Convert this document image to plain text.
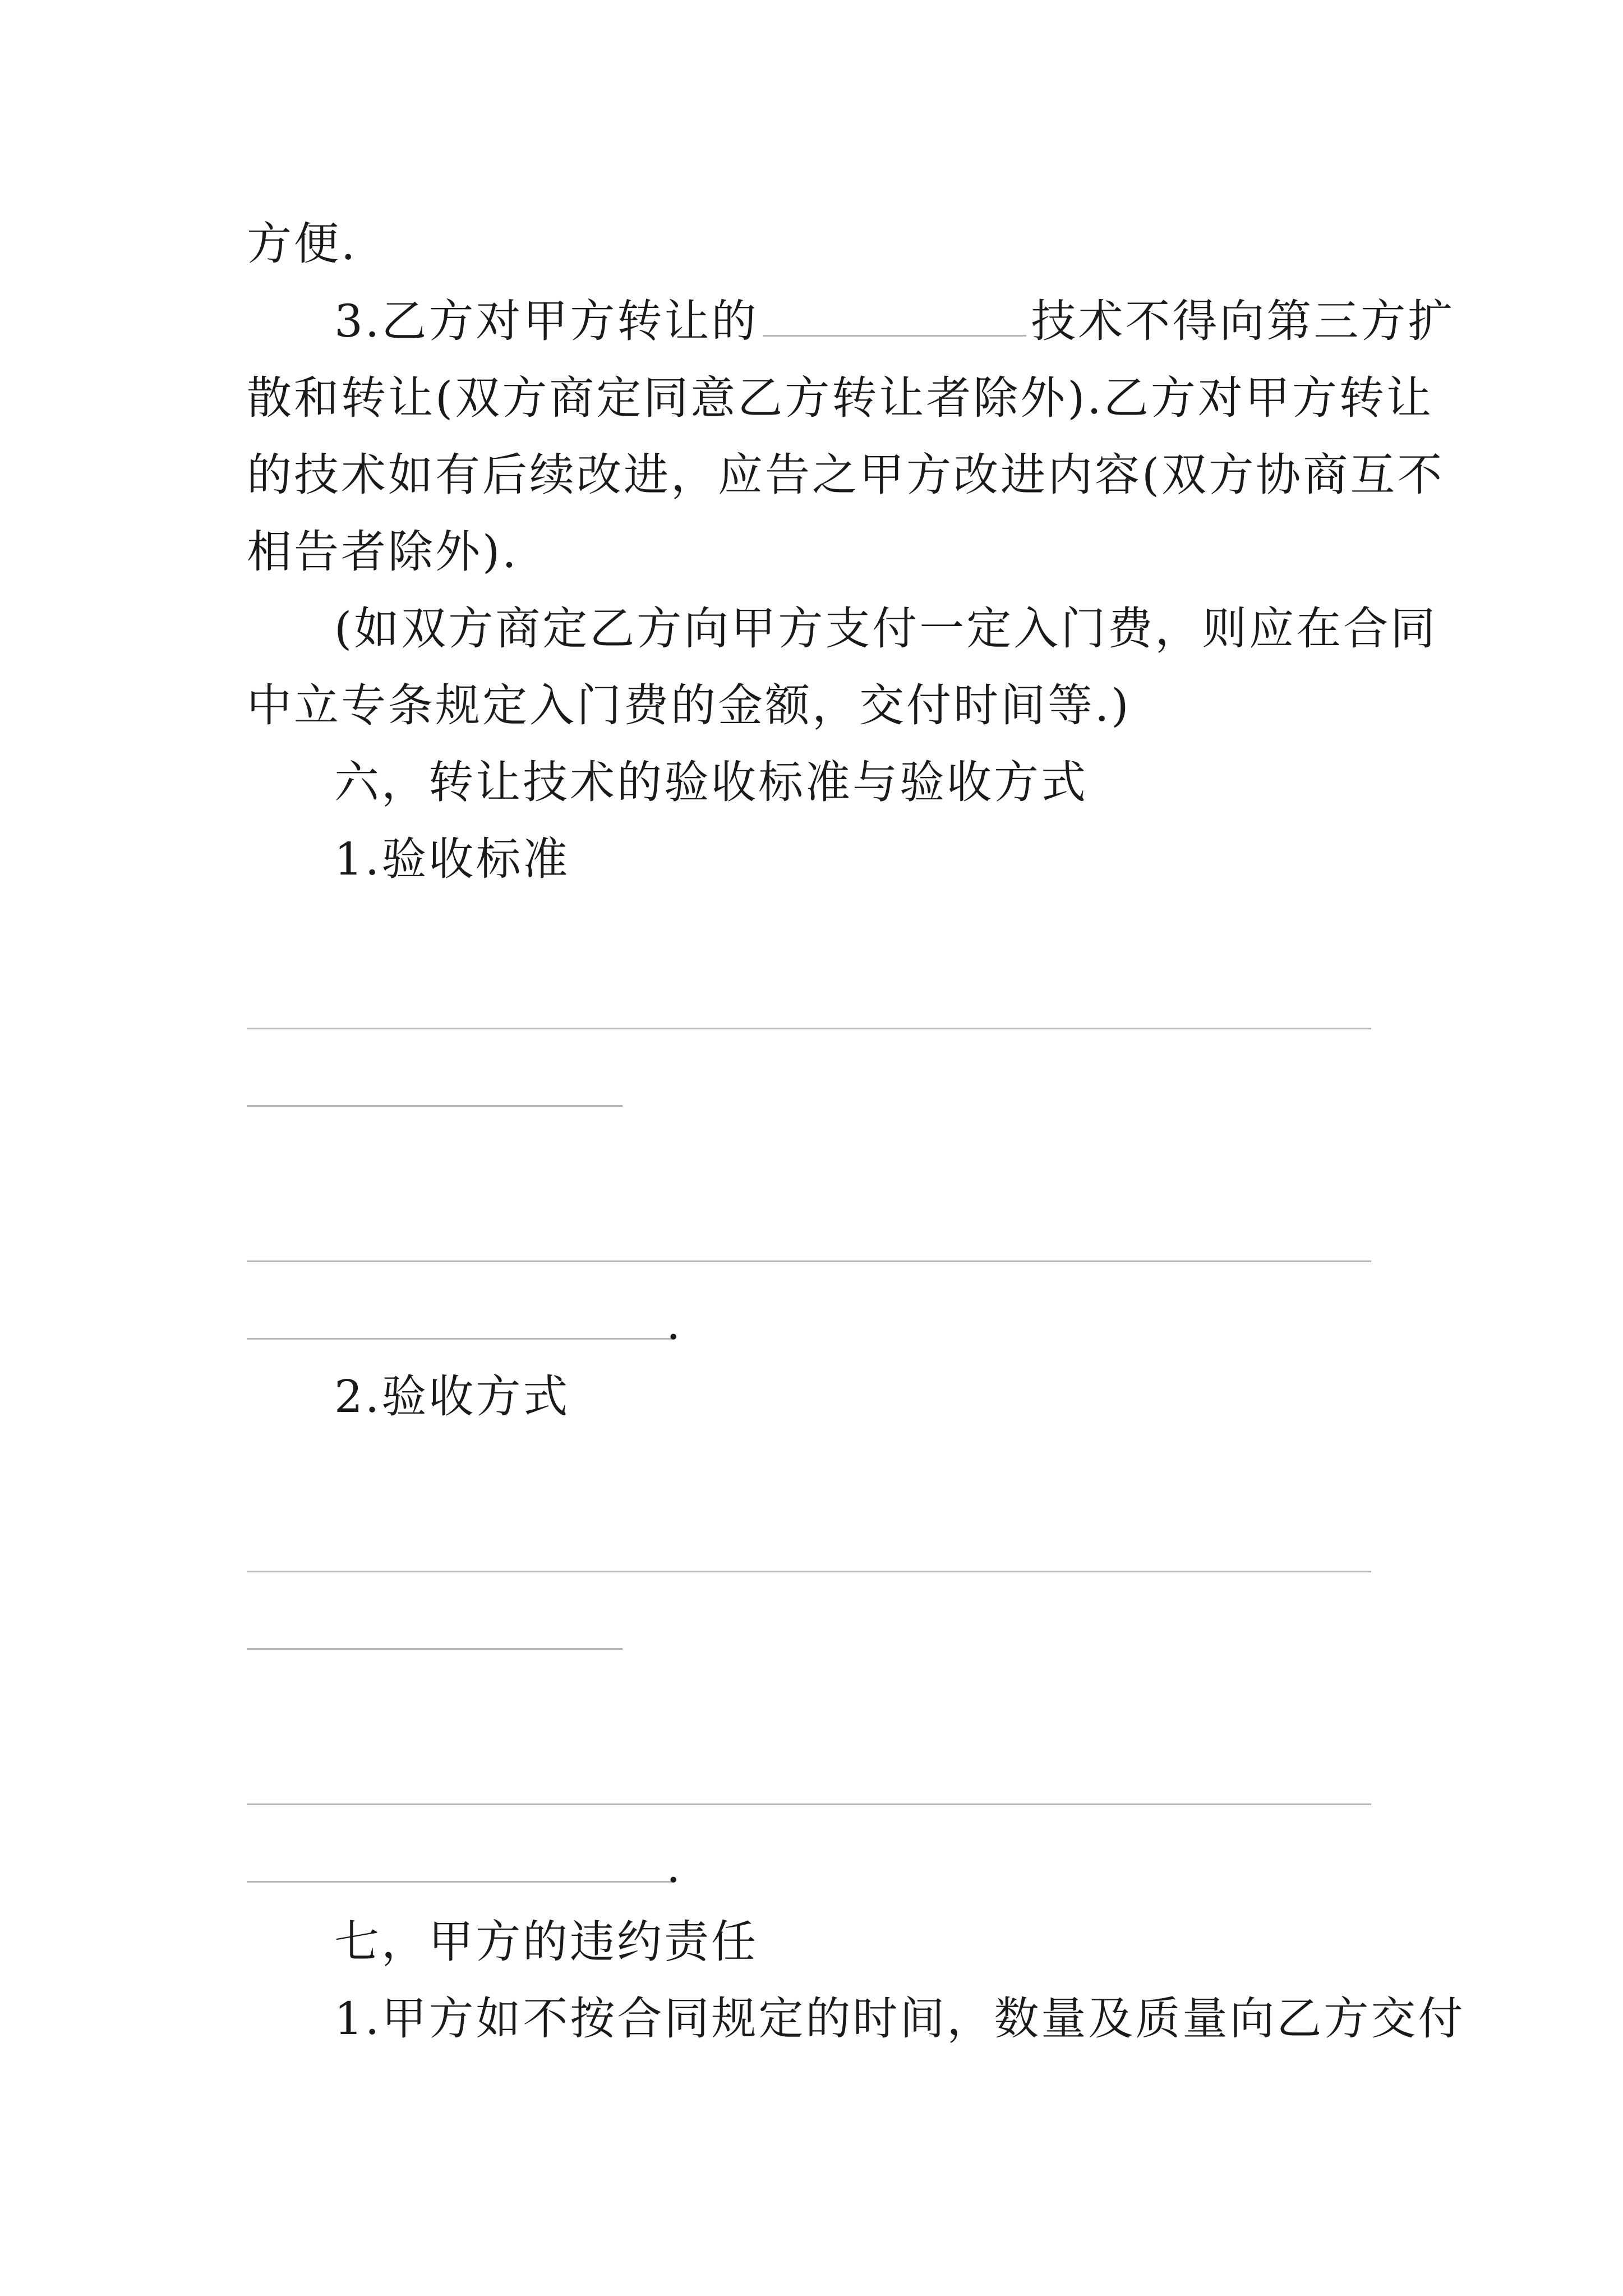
方便.
3.乙方对甲方转让的	技术不得向第三方扩
散和转让(双方商定同意乙方转让者除外).乙方对甲方转让
的技术如有后续改进，应告之甲方改进内容(双方协商互不
相告者除外).
(如双方商定乙方向甲方支付一定入门费，则应在合同
中立专条规定入门费的金额，交付时间等.)
六，转让技术的验收标准与验收方式
1.验收标准
.
2.验收方式
.
七，甲方的违约责任
1.甲方如不按合同规定的时间，数量及质量向乙方交付
